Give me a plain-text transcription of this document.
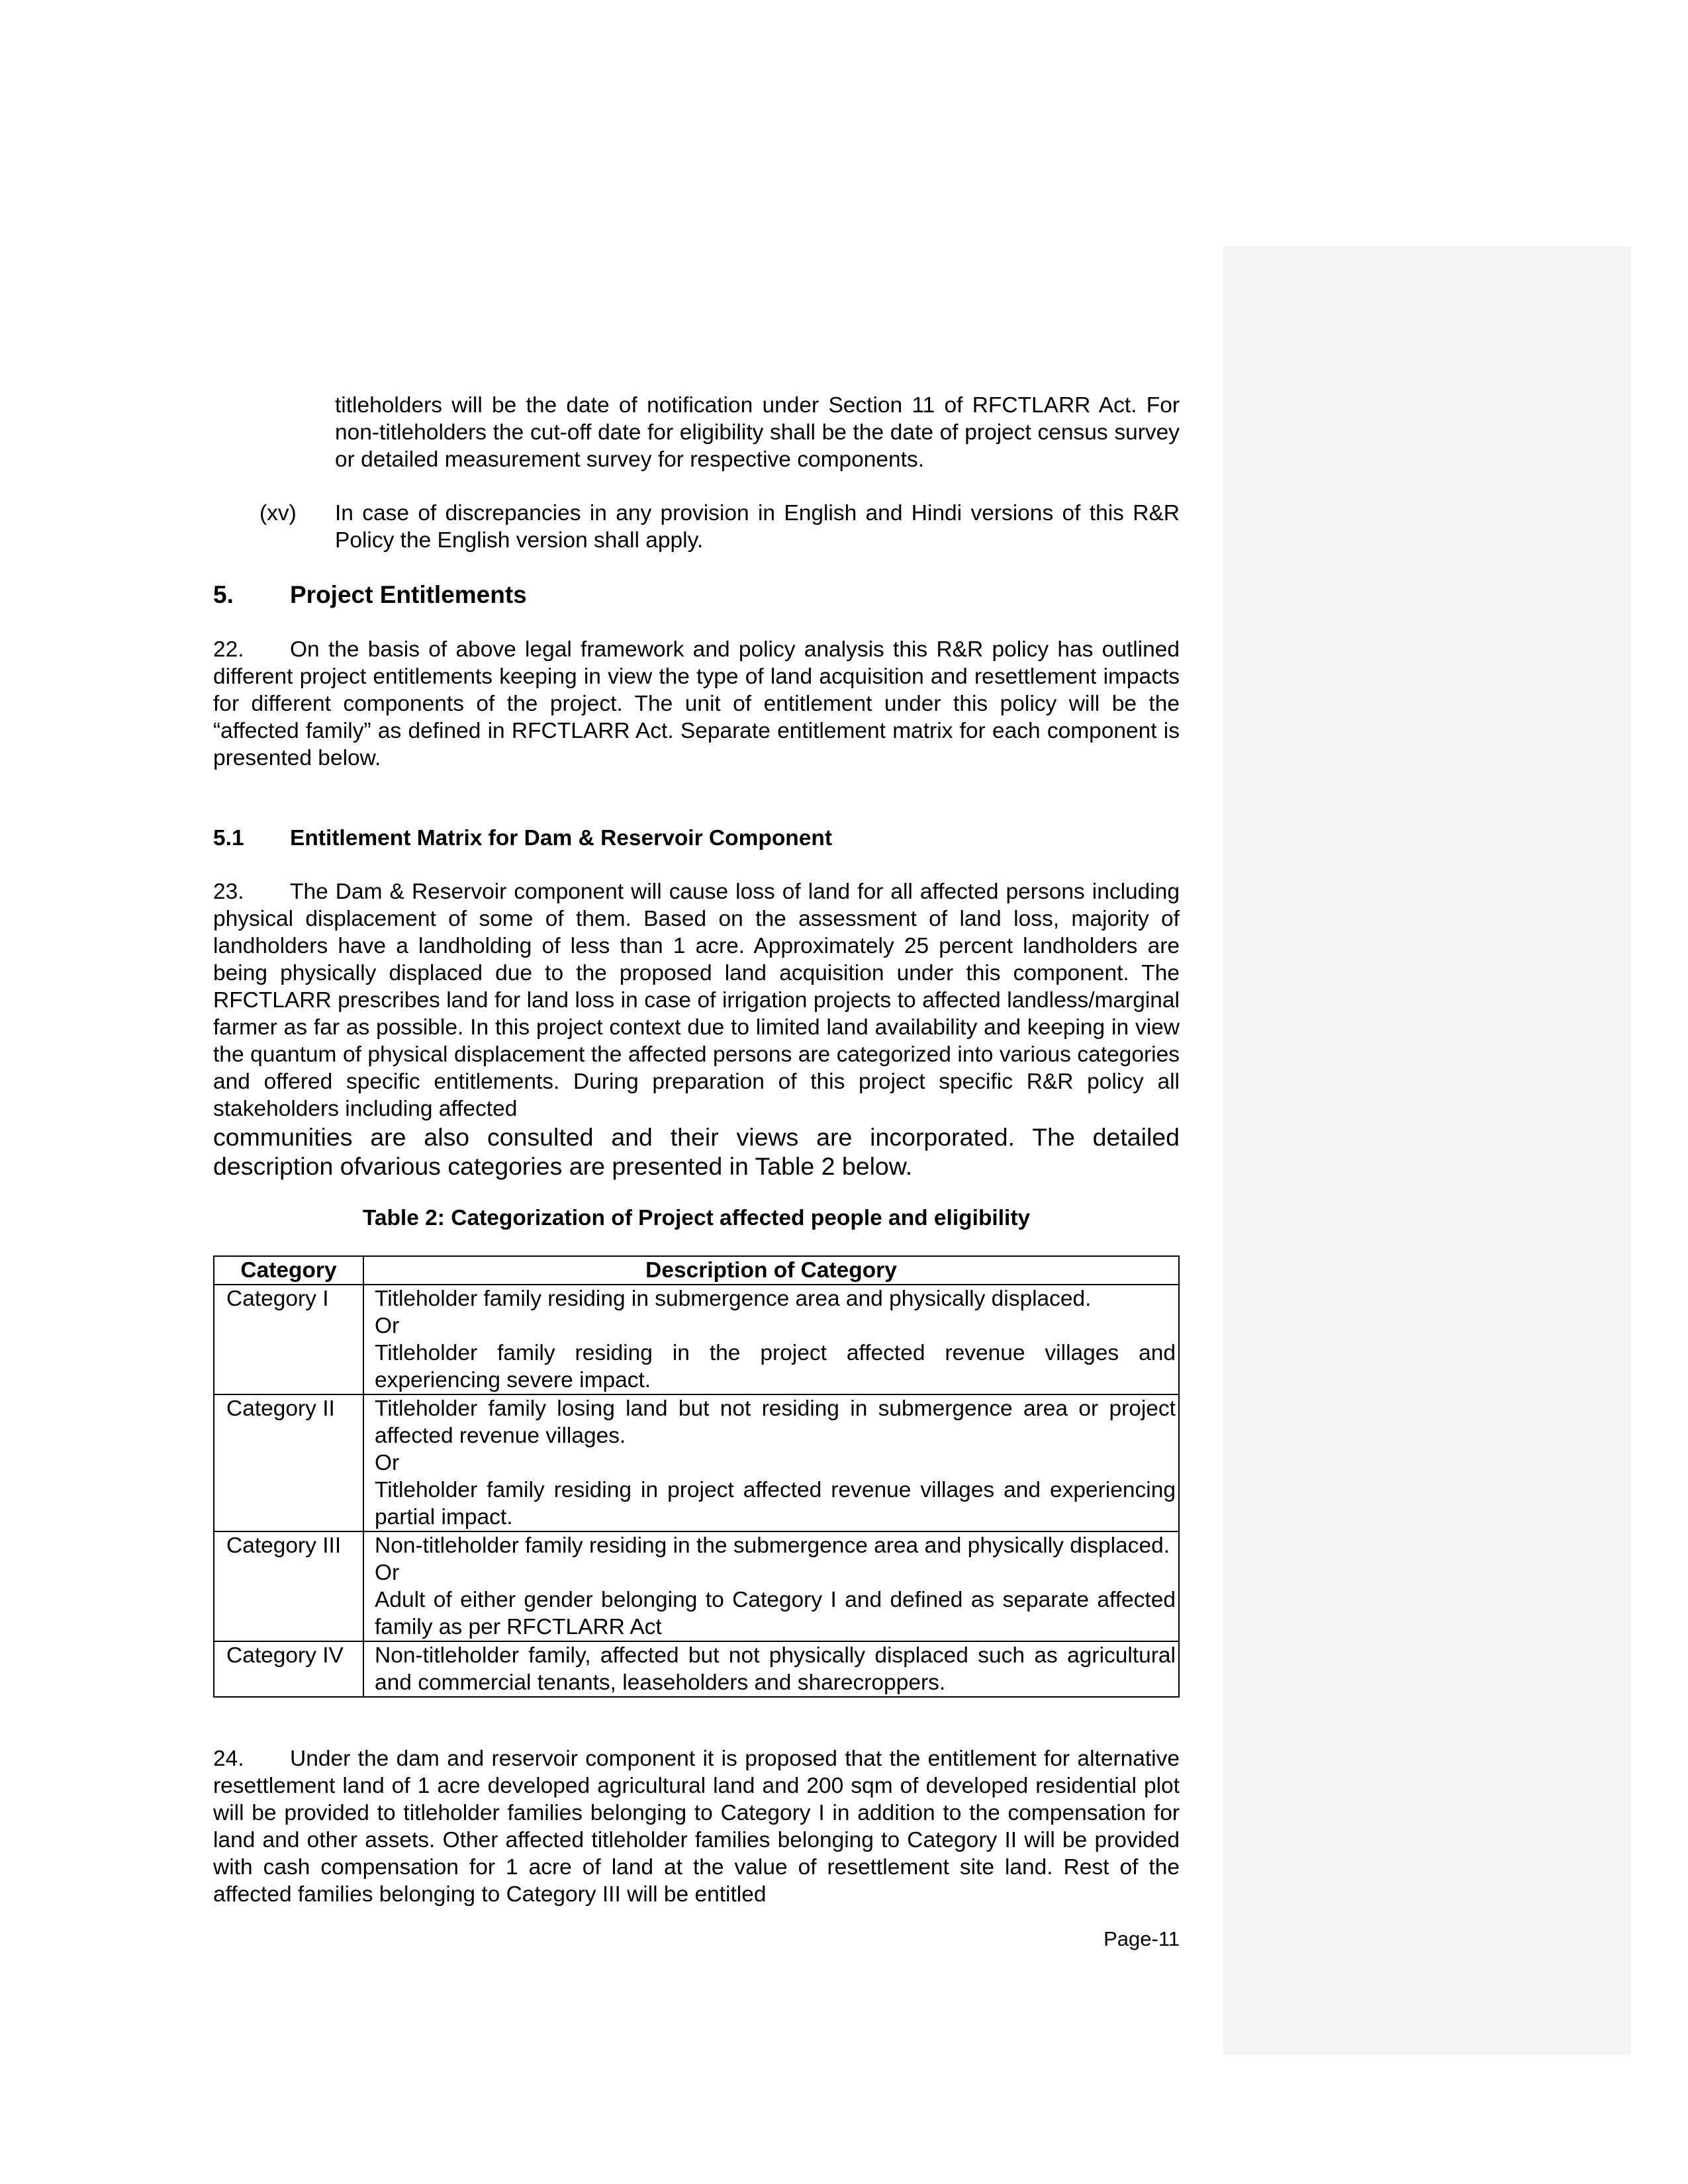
titleholders will be the date of notification under Section 11 of RFCTLARR Act. For non-titleholders the cut-off date for eligibility shall be the date of project census survey or detailed measurement survey for respective components.

(xv)	In case of discrepancies in any provision in English and Hindi versions of this R&R Policy the English version shall apply.
5.	Project Entitlements

22. On the basis of above legal framework and policy analysis this R&R policy has outlined different project entitlements keeping in view the type of land acquisition and resettlement impacts for different components of the project. The unit of entitlement under this policy will be the “affected family” as defined in RFCTLARR Act. Separate entitlement matrix for each component is presented below.

5.1	Entitlement Matrix for Dam & Reservoir Component

23. The Dam & Reservoir component will cause loss of land for all affected persons including physical displacement of some of them. Based on the assessment of land loss, majority of landholders have a landholding of less than 1 acre. Approximately 25 percent landholders are being physically displaced due to the proposed land acquisition under this component. The RFCTLARR prescribes land for land loss in case of irrigation projects to affected landless/marginal farmer as far as possible. In this project context due to limited land availability and keeping in view the quantum of physical displacement the affected persons are categorized into various categories and offered specific entitlements. During preparation of this project specific R&R policy all stakeholders including affected

communities are also consulted and their views are incorporated. The detailed description ofvarious categories are presented in Table 2 below.

Table 2: Categorization of Project affected people and eligibility
Category	Description of Category
Category I	Titleholder family residing in submergence area and physically displaced.

Or

Titleholder family residing in the project affected revenue villages and experiencing severe impact.

Category II	Titleholder family losing land but not residing in submergence area or project affected revenue villages.

Or

Titleholder family residing in project affected revenue villages and experiencing partial impact.

Category III	Non-titleholder family residing in the submergence area and physically displaced.

Or

Adult of either gender belonging to Category I and defined as separate affected family as per RFCTLARR Act

Category IV	Non-titleholder family, affected but not physically displaced such as agricultural and commercial tenants, leaseholders and sharecroppers.

24. Under the dam and reservoir component it is proposed that the entitlement for alternative resettlement land of 1 acre developed agricultural land and 200 sqm of developed residential plot will be provided to titleholder families belonging to Category I in addition to the compensation for land and other assets. Other affected titleholder families belonging to Category II will be provided with cash compensation for 1 acre of land at the value of resettlement site land. Rest of the affected families belonging to Category III will be entitled

Page-11
